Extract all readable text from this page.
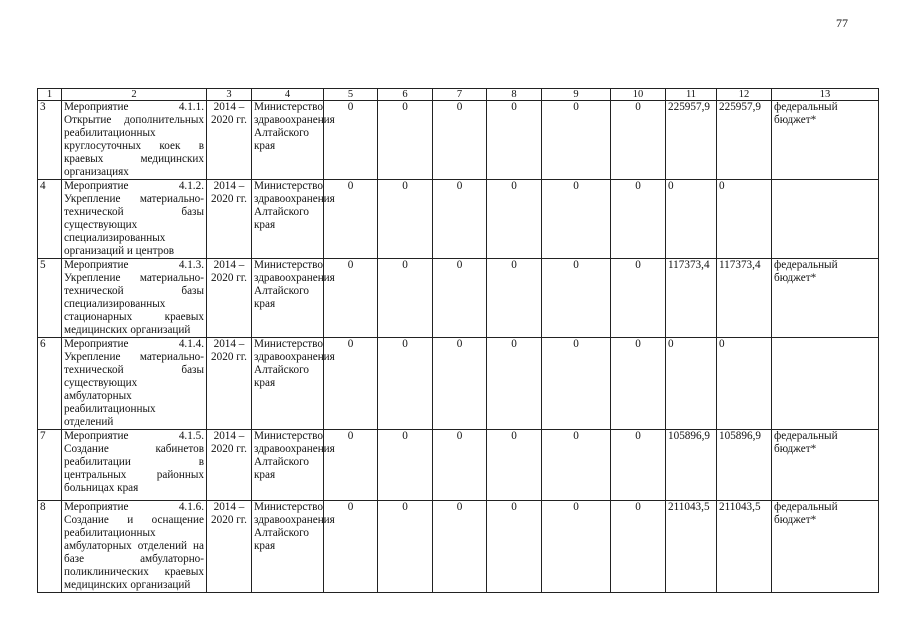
77
1	2	3	4	5	6	7	8	9	10	11	12	13
3	Мероприятие 4.1.1. Открытие дополнительных реабилитационных круглосуточных коек в краевых медицинских организациях	2014 – 2020 гг.	Министерство здравоохранения Алтайского края	0	0	0	0	0	0	225957,9	225957,9	федеральный бюджет*
4	Мероприятие 4.1.2. Укрепление материально-технической базы существующих специализированных организаций и центров	2014 – 2020 гг.	Министерство здравоохранения Алтайского края	0	0	0	0	0	0	0	0	
5	Мероприятие 4.1.3. Укрепление материально-технической базы специализированных стационарных краевых медицинских организаций	2014 – 2020 гг.	Министерство здравоохранения Алтайского края	0	0	0	0	0	0	117373,4	117373,4	федеральный бюджет*
6	Мероприятие 4.1.4. Укрепление материально-технической базы существующих амбулаторных реабилитационных отделений	2014 – 2020 гг.	Министерство здравоохранения Алтайского края	0	0	0	0	0	0	0	0	
7	Мероприятие 4.1.5. Создание кабинетов реабилитации в центральных районных больницах края	2014 – 2020 гг.	Министерство здравоохранения Алтайского края	0	0	0	0	0	0	105896,9	105896,9	федеральный бюджет*
8	Мероприятие 4.1.6. Создание и оснащение реабилитационных амбулаторных отделений на базе амбулаторно-поликлинических краевых медицинских организаций	2014 – 2020 гг.	Министерство здравоохранения Алтайского края	0	0	0	0	0	0	211043,5	211043,5	федеральный бюджет*
